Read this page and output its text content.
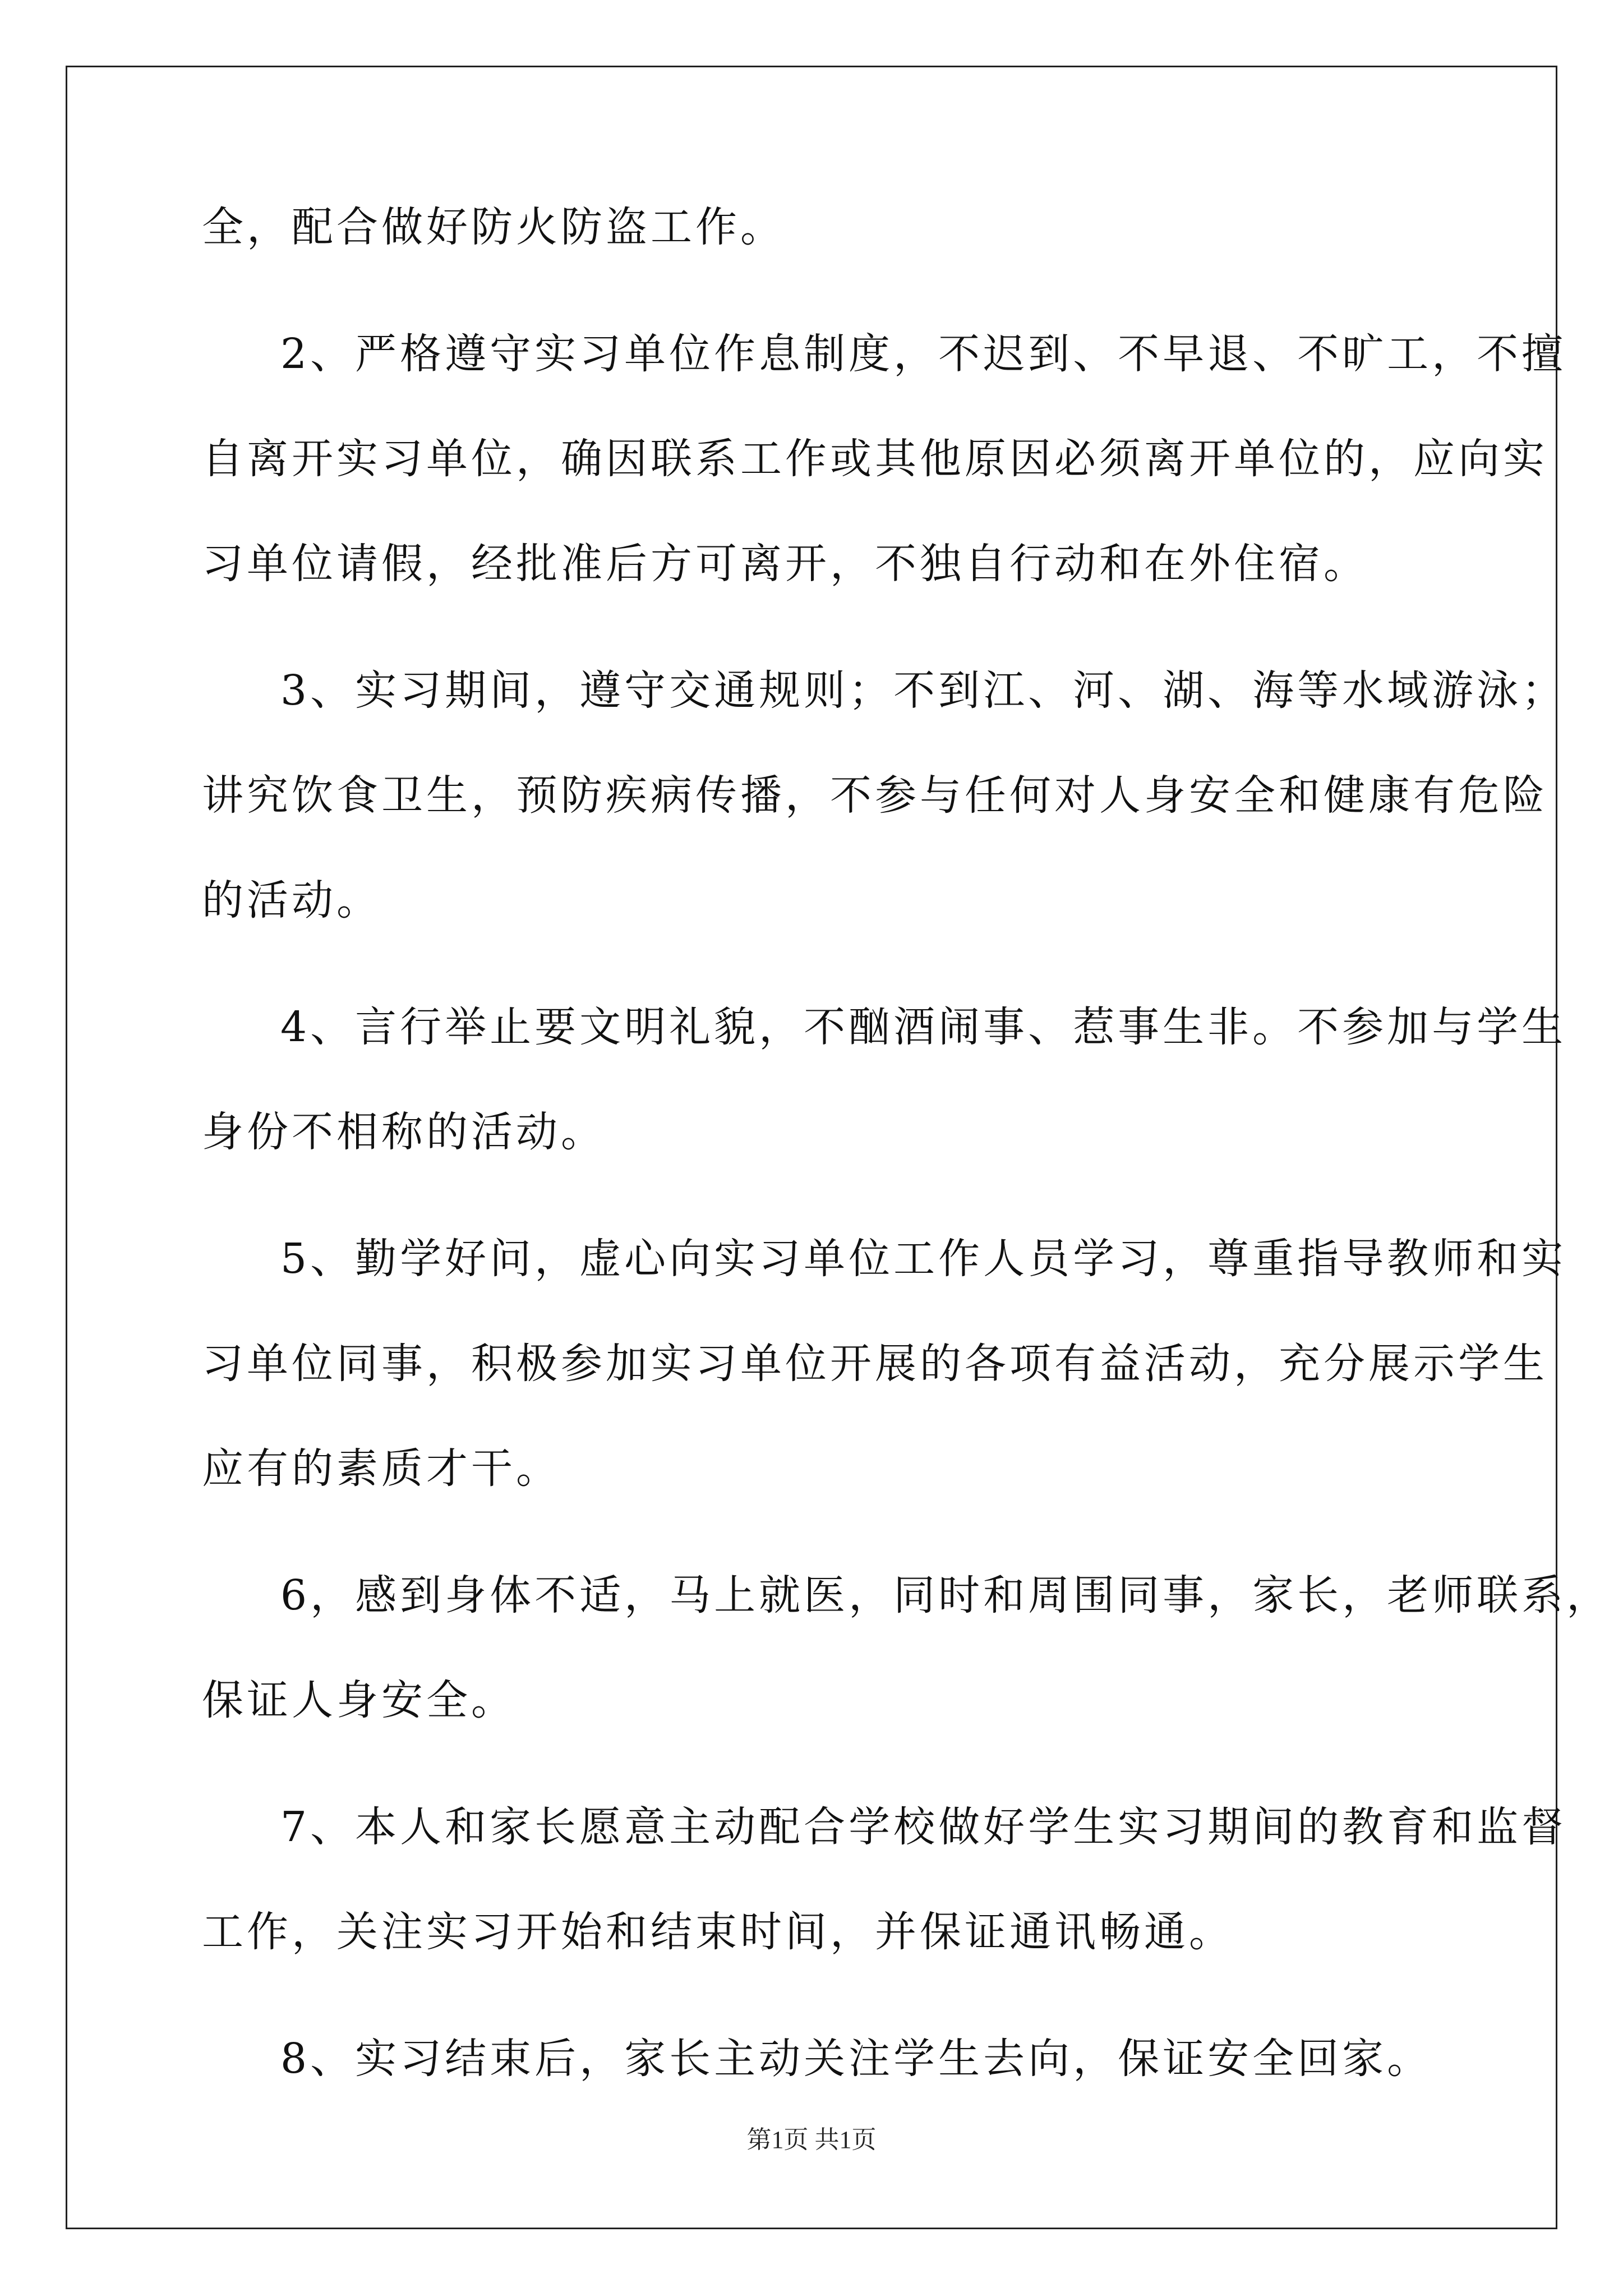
全，配合做好防火防盗工作。
2、严格遵守实习单位作息制度，不迟到、不早退、不旷工，不擅
自离开实习单位，确因联系工作或其他原因必须离开单位的，应向实
习单位请假，经批准后方可离开，不独自行动和在外住宿。
3、实习期间，遵守交通规则；不到江、河、湖、海等水域游泳；
讲究饮食卫生，预防疾病传播，不参与任何对人身安全和健康有危险
的活动。
4、言行举止要文明礼貌，不酗酒闹事、惹事生非。不参加与学生
身份不相称的活动。
5、勤学好问，虚心向实习单位工作人员学习，尊重指导教师和实
习单位同事，积极参加实习单位开展的各项有益活动，充分展示学生
应有的素质才干。
6，感到身体不适，马上就医，同时和周围同事，家长，老师联系，
保证人身安全。
7、本人和家长愿意主动配合学校做好学生实习期间的教育和监督
工作，关注实习开始和结束时间，并保证通讯畅通。
8、实习结束后，家长主动关注学生去向，保证安全回家。
第1页 共1页
